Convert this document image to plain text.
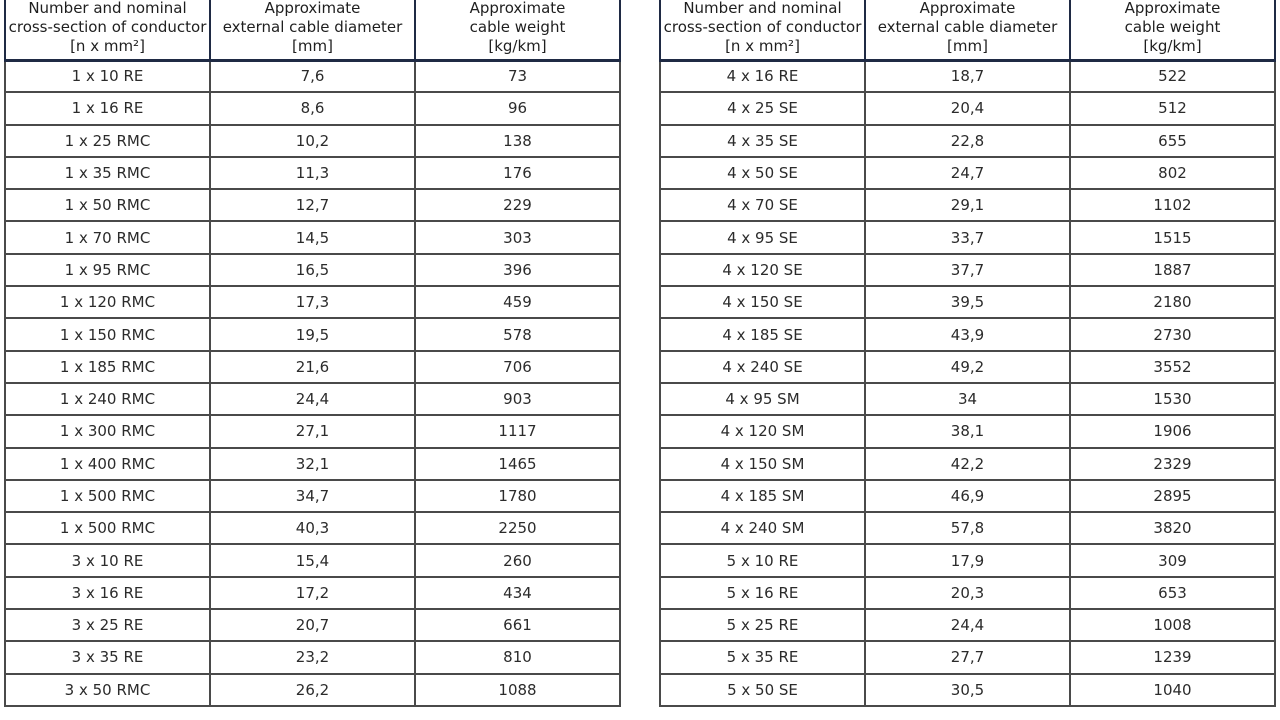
Number and nominal
cross-section of conductor
[n x mm²]	Approximate
external cable diameter
[mm]	Approximate
cable weight
[kg/km]

1 x 10 RE	7,6	73
1 x 16 RE	8,6	96
1 x 25 RMC	10,2	138
1 x 35 RMC	11,3	176
1 x 50 RMC	12,7	229
1 x 70 RMC	14,5	303
1 x 95 RMC	16,5	396
1 x 120 RMC	17,3	459
1 x 150 RMC	19,5	578
1 x 185 RMC	21,6	706
1 x 240 RMC	24,4	903
1 x 300 RMC	27,1	1117
1 x 400 RMC	32,1	1465
1 x 500 RMC	34,7	1780
1 x 500 RMC	40,3	2250
3 x 10 RE	15,4	260
3 x 16 RE	17,2	434
3 x 25 RE	20,7	661
3 x 35 RE	23,2	810
3 x 50 RMC	26,2	1088
Number and nominal
cross-section of conductor
[n x mm²]	Approximate
external cable diameter
[mm]	Approximate
cable weight
[kg/km]

4 x 16 RE	18,7	522
4 x 25 SE	20,4	512
4 x 35 SE	22,8	655
4 x 50 SE	24,7	802
4 x 70 SE	29,1	1102
4 x 95 SE	33,7	1515
4 x 120 SE	37,7	1887
4 x 150 SE	39,5	2180
4 x 185 SE	43,9	2730
4 x 240 SE	49,2	3552
4 x 95 SM	34	1530
4 x 120 SM	38,1	1906
4 x 150 SM	42,2	2329
4 x 185 SM	46,9	2895
4 x 240 SM	57,8	3820
5 x 10 RE	17,9	309
5 x 16 RE	20,3	653
5 x 25 RE	24,4	1008
5 x 35 RE	27,7	1239
5 x 50 SE	30,5	1040
